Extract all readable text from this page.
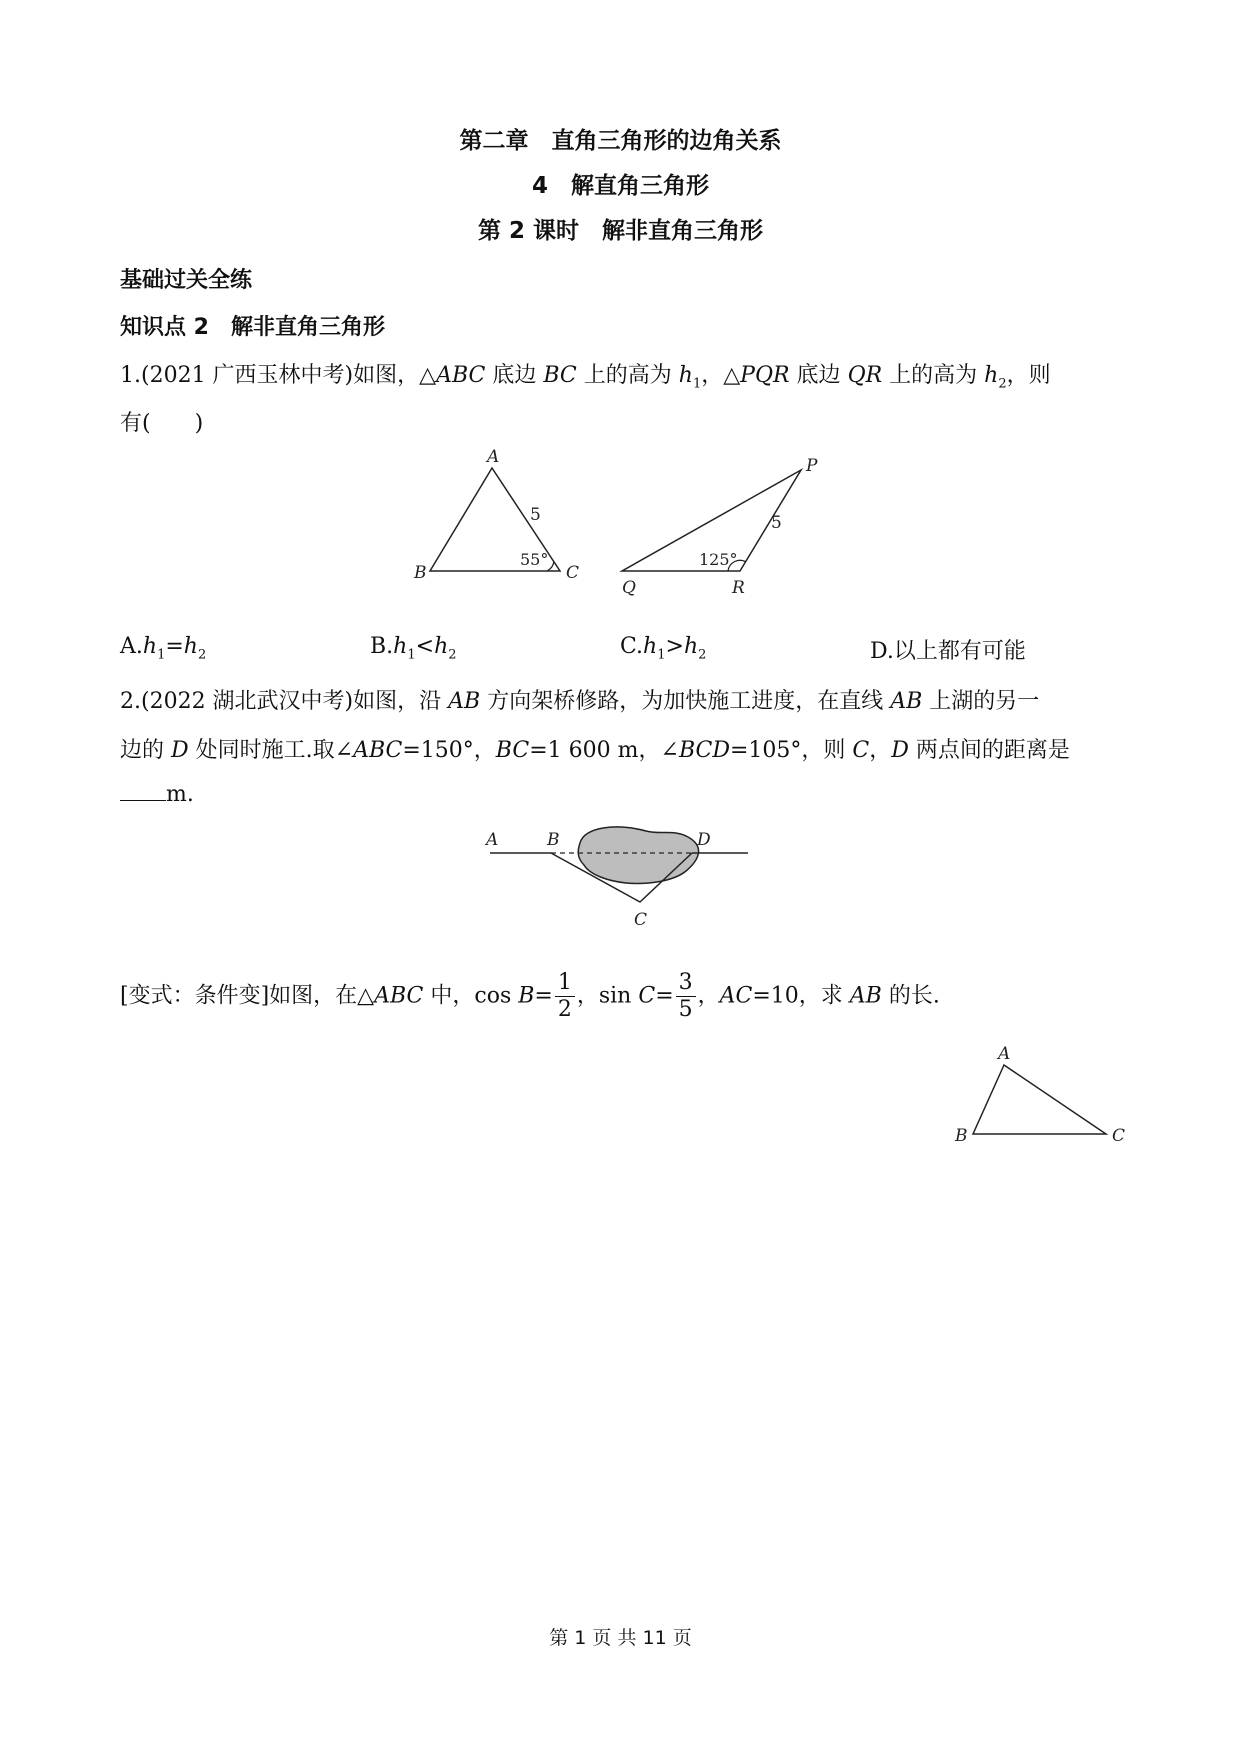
第二章　直角三角形的边角关系
4　解直角三角形
第 2 课时　解非直角三角形
基础过关全练
知识点 2　解非直角三角形
1.(2021 广西玉林中考)如图，△ABC 底边 BC 上的高为 $h_1$，△PQR 底边 QR 上的高为 $h_2$，则
有(　　)
A
B	C
5
55°
P
Q	R
5
125°
$A.h_1=h_2$	$B.h_1<h_2$	$C.h_1>h_2$	D.以上都有可能
2.(2022 湖北武汉中考)如图，沿 AB 方向架桥修路，为加快施工进度，在直线 AB 上湖的另一
边的 D 处同时施工.取∠ABC=150°，BC=1 600 m，∠BCD=105°，则 C，D 两点间的距离是
m.
A	B
C
D
[变式：条件变]如图，在△ABC 中，$\cos B= \frac{1}{2}$ ，$\sin C= \frac{3}{5}$ ，AC=10，求 AB 的长.
A
B	C
第 1 页 共 11 页
